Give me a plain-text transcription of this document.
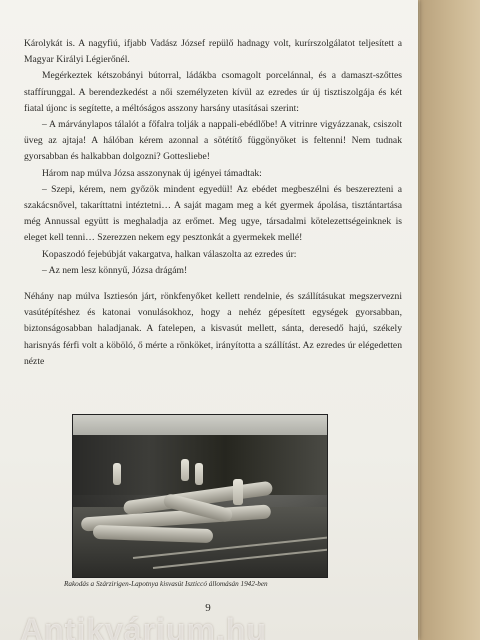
Károlykát is. A nagyfiú, ifjabb Vadász József repülő hadnagy volt, kurírszolgálatot teljesített a Magyar Királyi Légierőnél.

Megérkeztek kétszobányi bútorral, ládákba csomagolt porcelánnal, és a damaszt-szőttes staffírunggal. A berendezkedést a női személyzeten kívül az ezredes úr új tisztiszolgája és két fiatal újonc is segítette, a méltóságos asszony harsány utasításai szerint:

– A márványlapos tálalót a főfalra tolják a nappali-ebédlőbe! A vitrinre vigyázzanak, csiszolt üveg az ajtaja! A hálóban kérem azonnal a sötétítő függönyöket is feltenni! Nem tudnak gyorsabban és halkabban dolgozni? Gottesliebe!

Három nap múlva Józsa asszonynak új igényei támadtak:

– Szepi, kérem, nem győzök mindent egyedül! Az ebédet megbeszélni és beszerezteni a szakácsnővel, takaríttatni intéztetni… A saját magam meg a két gyermek ápolása, tisztántartása még Annussal együtt is meghaladja az erőmet. Meg ugye, társadalmi kötelezettségeinknek is eleget kell tenni… Szerezzen nekem egy pesztonkát a gyermekek mellé!

Kopaszodó fejebúbját vakargatva, halkan válaszolta az ezredes úr:

– Az nem lesz könnyű, Józsa drágám!

Néhány nap múlva Isztiesón járt, rönkfenyőket kellett rendelnie, és szállításukat megszerveznі vasútépítéshez és katonai vonulásokhoz, hogy a nehéz gépesített egységek gyorsabban, biztonságosabban haladjanak. A fatelepen, a kisvasút mellett, sánta, deresedő hajú, székely harisnyás férfi volt a köböló, ő mérte a rönköket, irányította a szállítást. Az ezredes úr elégedetten nézte

Rakodás a Szárzirigen-Lapotnya kisvasút Iszticcó állomásán 1942-ben
9
Antikvárium.hu
